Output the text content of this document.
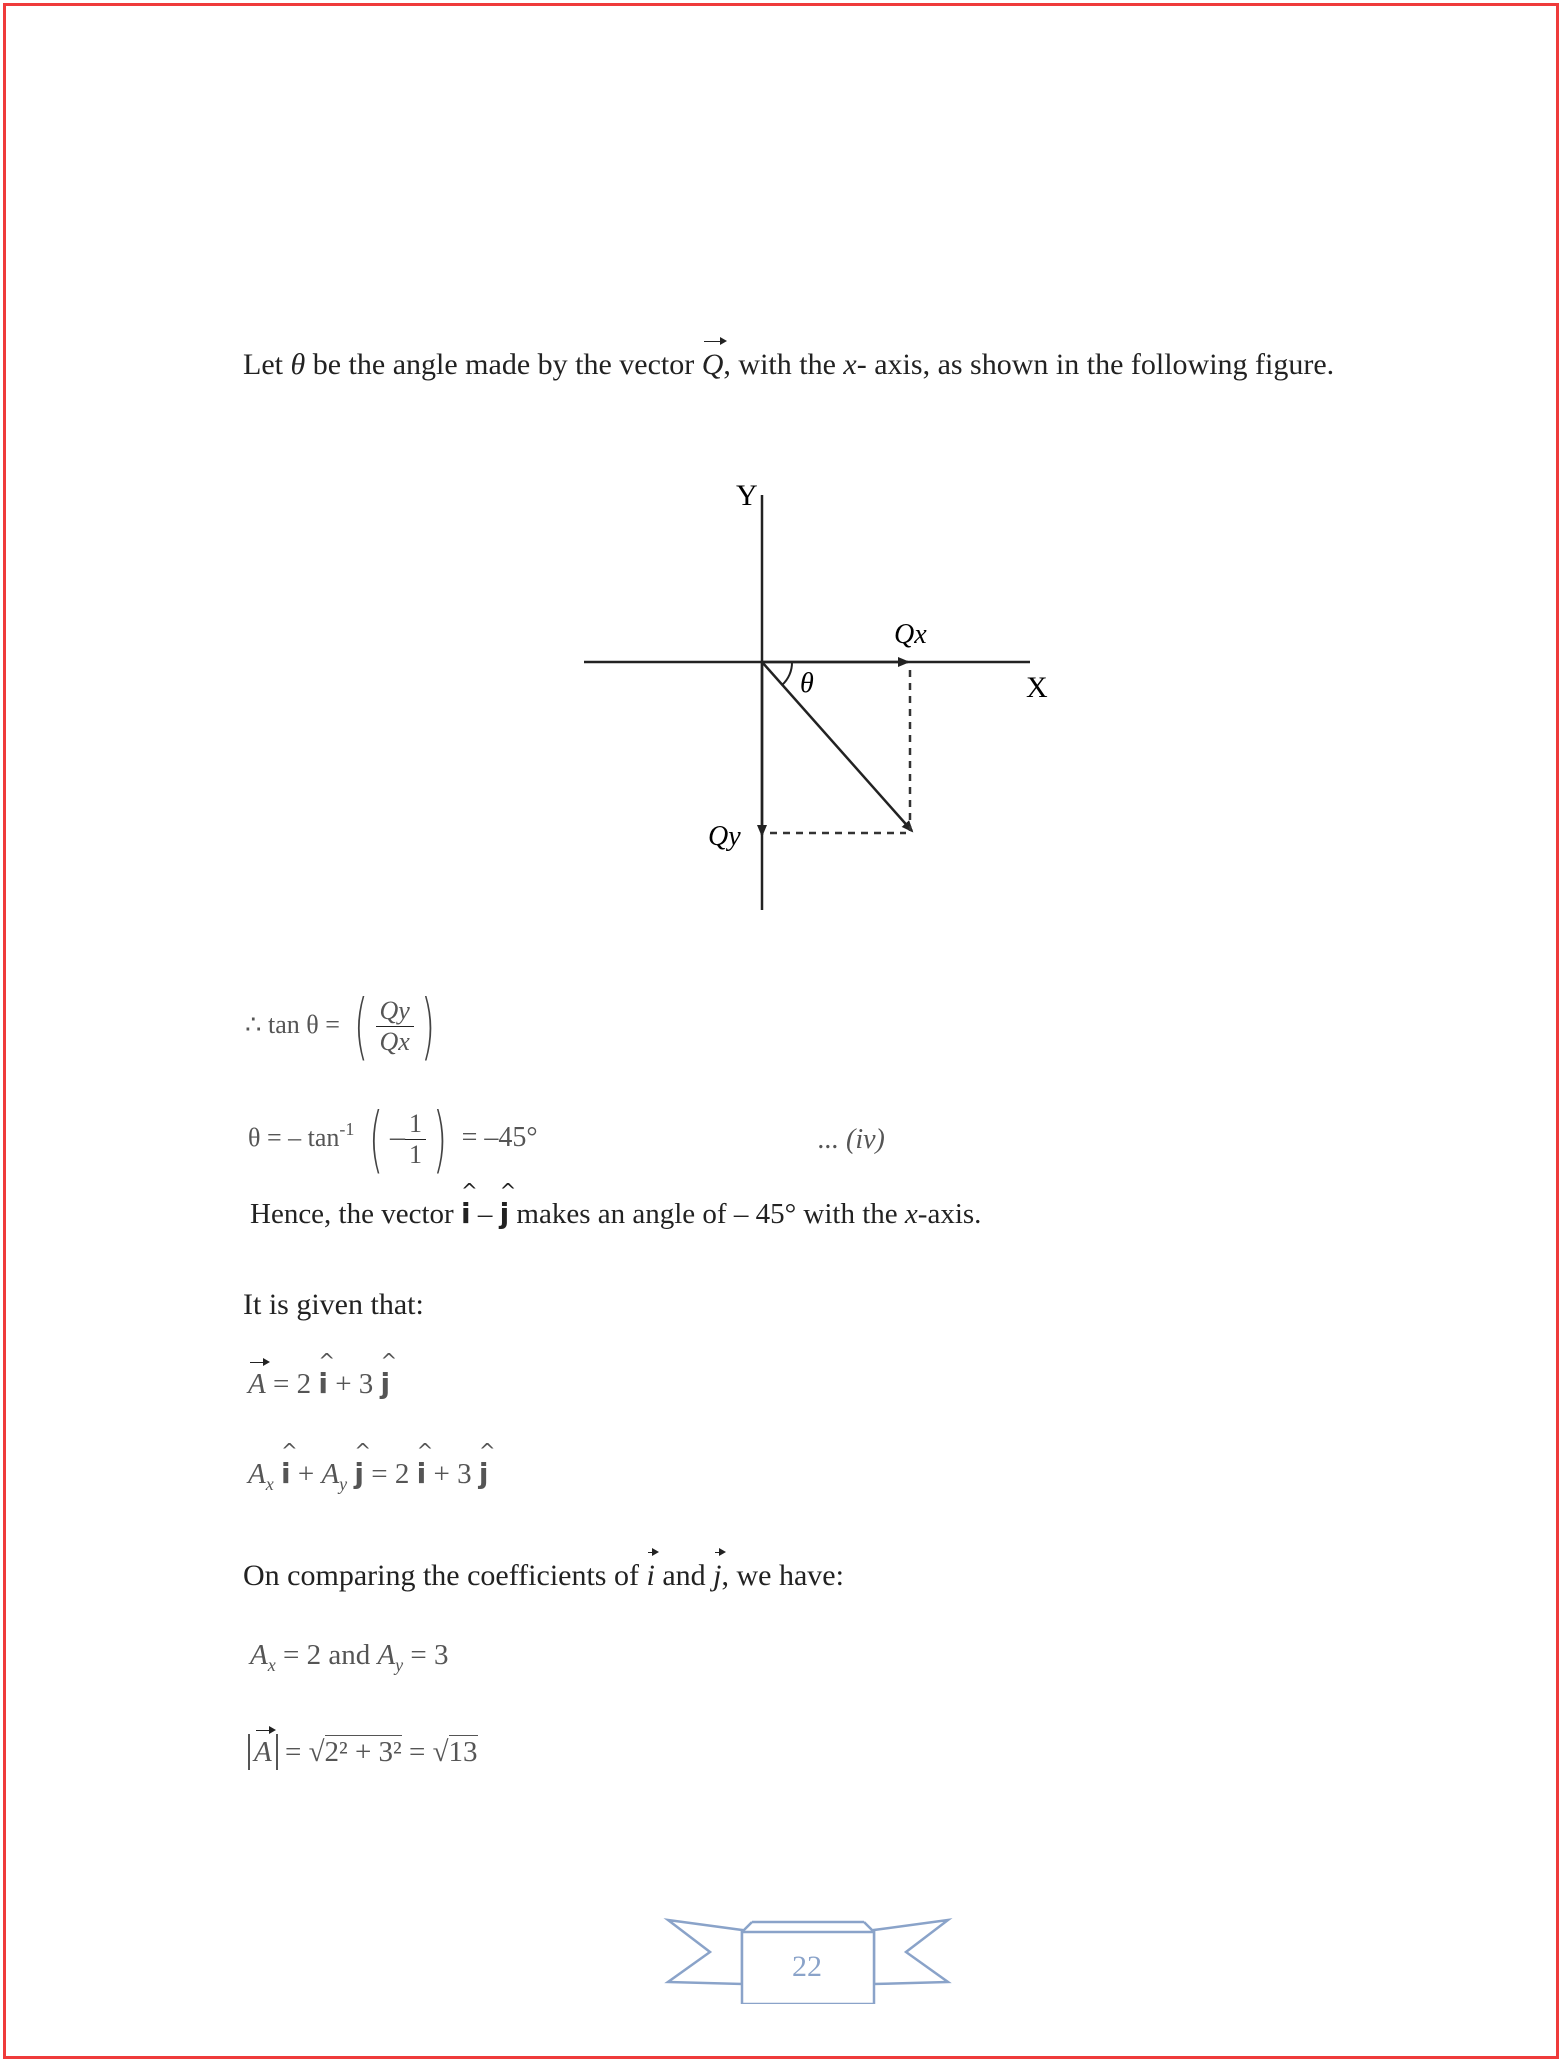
Let θ be the angle made by the vector Q, with the x- axis, as shown in the following figure.
Y
X
θ
Qx
Qy
∴ tan θ = ( $\frac{Qy}{Qx}$ )
θ = – $\tan^{-1}$ ( – $\frac{1}{1}$ ) = –45°	... (iv)
Hence, the vector ^ i – ^ j makes an angle of – 45° with the x-axis.
It is given that:
A = 2 ^ i + 3 ^ j
$A_x$ ^ $i + A_y$ ^ j = 2 ^ i + 3 ^ j
On comparing the coefficients of i and j, we have:
$A_x = 2$ and $A_y = 3$
A = √2² + 3² = √13
22
